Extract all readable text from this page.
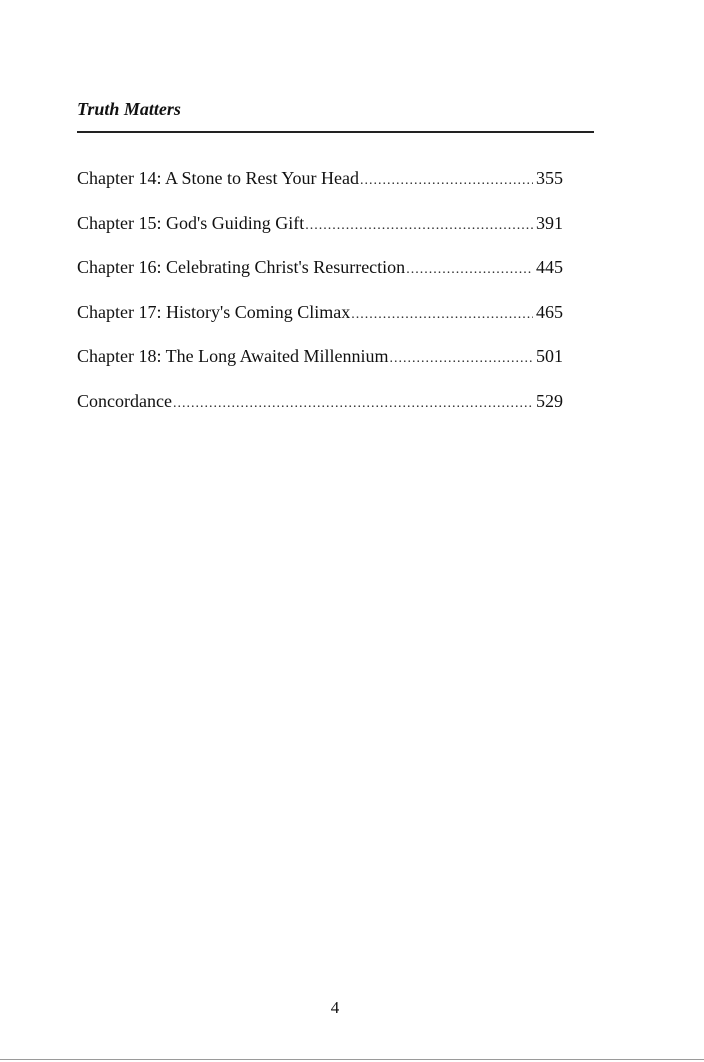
Truth Matters
Chapter 14: A Stone to Rest Your Head .....	355
Chapter 15: God's Guiding Gift .....	391
Chapter 16: Celebrating Christ's Resurrection .....	445
Chapter 17: History's Coming Climax .....	465
Chapter 18: The Long Awaited Millennium .....	501
Concordance .....	529
4
